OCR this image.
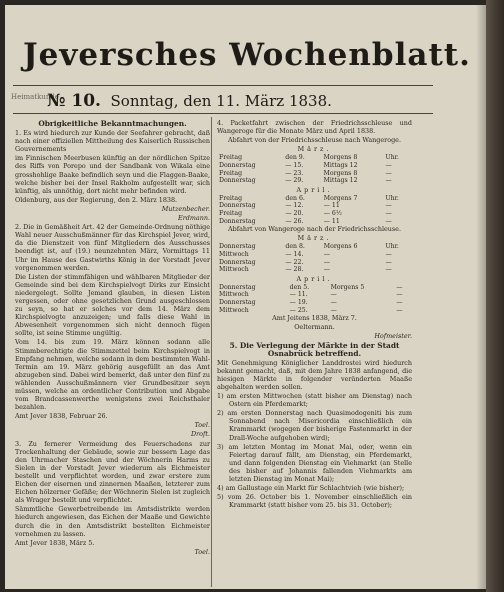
Jeversches Wochenblatt.
Heimatkunde
№ 10. Sonntag, den 11. März 1838.

Obrigkeitliche Bekanntmachungen.

1. Es wird hiedurch zur Kunde der Seefahrer gebracht, daß nach einer offiziellen Mittheilung des Kaiserlich Russischen Gouvernements

im Finnischen Meerbusen künftig an der nördlichen Spitze des Riffs von Porepo und der Sandbank von Wikala eine grosshohlige Baake befindlich seyn und die Flaggen-Baake, welche bisher bei der Insel Rakholm aufgestellt war, sich künftig, als unnöthig, dort nicht mehr befinden wird.

Oldenburg, aus der Regierung, den 2. März 1838.

Mutzenbecher.

Erdmann.

2. Die in Gemäßheit Art. 42 der Gemeinde-Ordnung nöthige Wahl neuer Ausschußmänner für das Kirchspiel Jever, wird, da die Dienstzeit von fünf Mitgliedern des Ausschusses beendigt ist, auf (19.) neunzehnten März, Vormittags 11 Uhr im Hause des Gastwirths König in der Vorstadt Jever vorgenommen werden.

Die Listen der stimmfähigen und wählbaren Mitglieder der Gemeinde sind bei dem Kirchspielvogt Dirks zur Einsicht niedergelegt. Sollte Jemand glauben, in diesen Listen vergessen, oder ohne gesetzlichen Grund ausgeschlossen zu seyn, so hat er solches vor dem 14. März dem Kirchspielvogte anzuzeigen; und falls diese Wahl in Abwesenheit vorgenommen sich nicht dennoch fügen sollte, ist seine Stimme ungültig.

Vom 14. bis zum 19. März können sodann alle Stimmberechtigte die Stimmzettel beim Kirchspielvogt in Empfang nehmen, welche sodann in dem bestimmten Wahl-Termin am 19. März gehörig ausgefüllt an das Amt abzugeben sind. Dabei wird bemerkt, daß unter den fünf zu wählenden Ausschußmännern vier Grundbesitzer seyn müssen, welche an ordentlicher Contribution und Abgabe vom Brandcassenwerthe wenigstens zwei Reichsthaler bezahlen.

Amt Jever 1838, Februar 26.

Toel.

Droft.

3. Zu fernerer Vermeidung des Feuerschadens zur Trockenhaltung der Gebäude, sowie zur bessern Lage das den Uhrmacher Staschen und der Wöchnerin Harms zu Sielen in der Vorstadt Jever wiederum als Eichmeister bestellt und verpflichtet worden, und zwar erstere zum Eichen der eisernen und zinnernen Maaßen, letzterer zum Eichen hölzerner Gefäße; der Wöchnerin Sielen ist zugleich als Wrager bestellt und verpflichtet.

Sämmtliche Gewerbetreibende im Amtsdistrikte werden hiedurch angewiesen, das Eichen der Maaße und Gewichte durch die in den Amtsdistrikt bestellten Eichmeister vornehmen zu lassen.

Amt Jever 1838, März 5.

Toel.

4. Packetfahrt zwischen der Friedrichsschleuse und Wangeroge für die Monate März und April 1838.

Abfahrt von der Friedrichsschleuse nach Wangeroge.

März.

Freitag	den 9.	Morgens 8	Uhr.
Donnerstag	— 15.	Mittags 12	—
Freitag	— 23.	Morgens 8	—
Donnerstag	— 29.	Mittags 12	—

April.

Freitag	den 6.	Morgens 7	Uhr.
Donnerstag	— 12.	— 11	—
Freitag	— 20.	— 6½	—
Donnerstag	— 26.	— 11	—

Abfahrt von Wangeroge nach der Friedrichsschleuse.

März.

Donnerstag	den 8.	Morgens 6	Uhr.
Mittwoch	— 14.	—	—
Donnerstag	— 22.	—	—
Mittwoch	— 28.	—	—

April.

Donnerstag	den 5.	Morgens 5	—
Mittwoch	— 11.	—	—
Donnerstag	— 19.	—	—
Mittwoch	— 25.	—	—

Amt Jeitens 1838, März 7.

Oeltermann.

Hofmeister.

5. Die Verlegung der Märkte in der Stadt Osnabrück betreffend.

Mit Genehmigung Königlicher Landdrostei wird hiedurch bekannt gemacht, daß, mit dem Jahre 1838 anfangend, die hiesigen Märkte in folgender veränderten Maaße abgehalten werden sollen.

1) am ersten Mittwochen (statt bisher am Dienstag) nach Ostern ein Pferdemarkt;

2) am ersten Donnerstag nach Quasimodogeniti bis zum Sonnabend nach Misericordia einschließlich ein Krammarkt (wogegen der bisherige Fastenmarkt in der Drall-Woche aufgehoben wird);

3) am letzten Montag im Monat Mai, oder, wenn ein Feiertag darauf fällt, am Dienstag, ein Pferdemarkt, und dann folgenden Dienstag ein Viehmarkt (an Stelle des bisher auf Johannis fallenden Viehmarkts am letzten Dienstag im Monat Mai);

4) am Gallustage ein Markt für Schlachtvieh (wie bisher);

5) vom 26. October bis 1. November einschließlich ein Krammarkt (statt bisher vom 25. bis 31. October);
